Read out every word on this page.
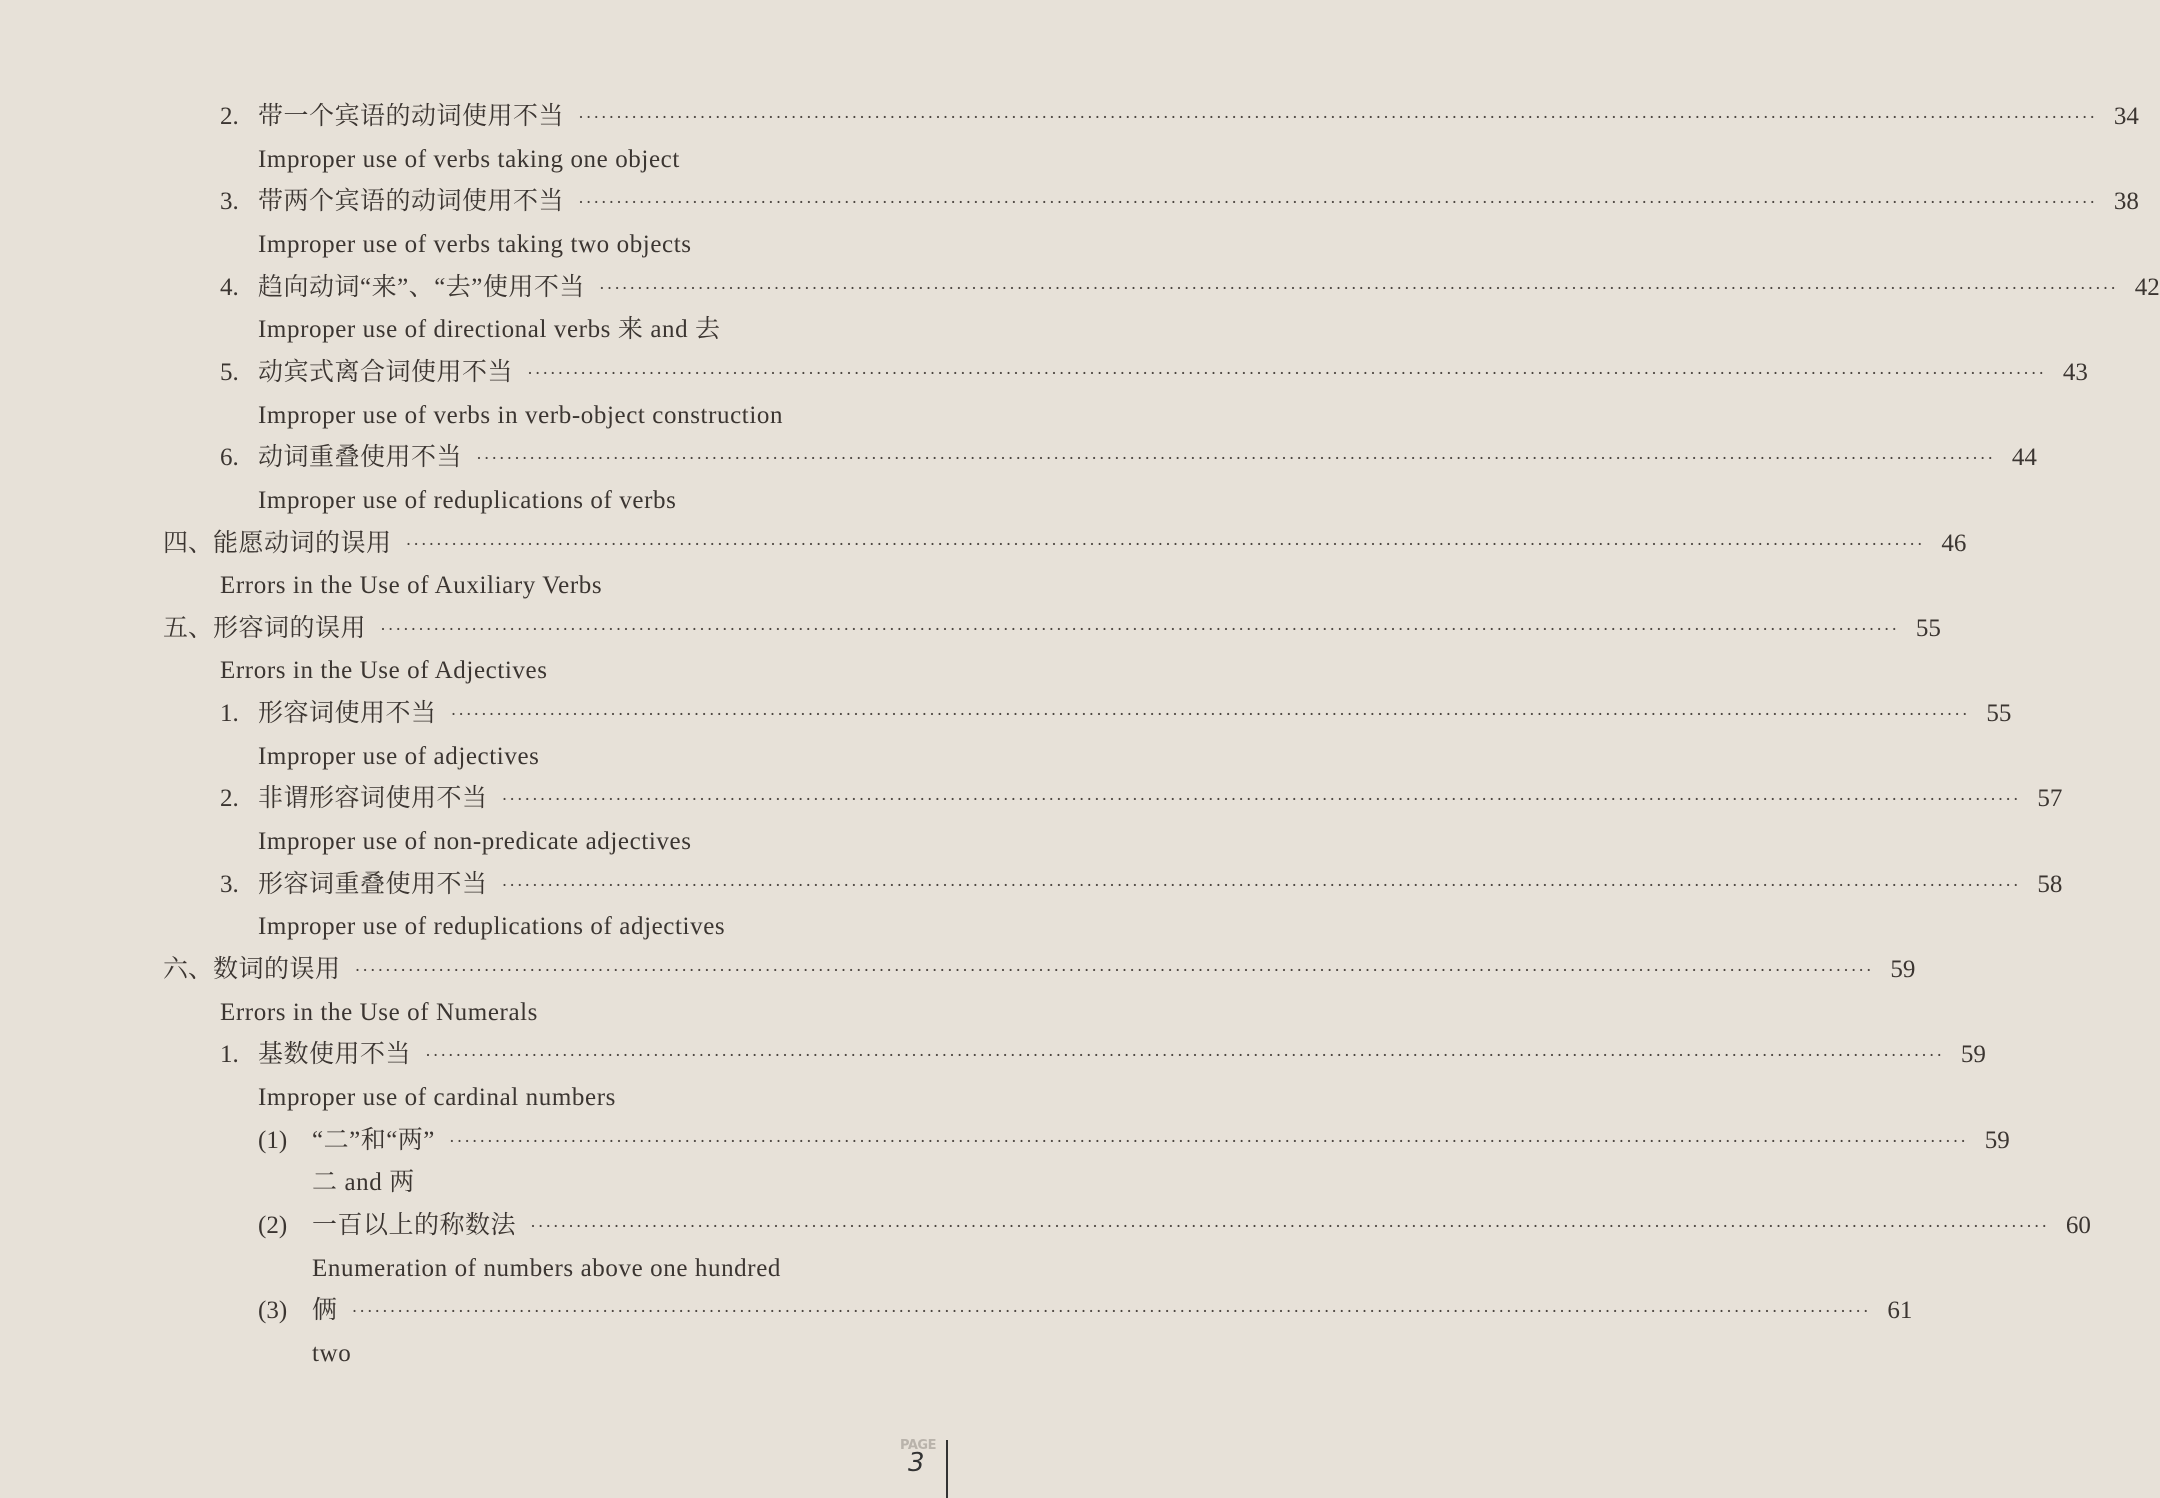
2. 带一个宾语的动词使用不当 ········································································································································································································ 34
Improper use of verbs taking one object
3. 带两个宾语的动词使用不当 ········································································································································································································ 38
Improper use of verbs taking two objects
4. 趋向动词“来”、“去”使用不当 ········································································································································································································ 42
Improper use of directional verbs 来 and 去
5. 动宾式离合词使用不当 ········································································································································································································ 43
Improper use of verbs in verb-object construction
6. 动词重叠使用不当 ········································································································································································································ 44
Improper use of reduplications of verbs
四、 能愿动词的误用 ········································································································································································································ 46
Errors in the Use of Auxiliary Verbs
五、 形容词的误用 ········································································································································································································ 55
Errors in the Use of Adjectives
1. 形容词使用不当 ········································································································································································································ 55
Improper use of adjectives
2. 非谓形容词使用不当 ········································································································································································································ 57
Improper use of non-predicate adjectives
3. 形容词重叠使用不当 ········································································································································································································ 58
Improper use of reduplications of adjectives
六、 数词的误用 ········································································································································································································ 59
Errors in the Use of Numerals
1. 基数使用不当 ········································································································································································································ 59
Improper use of cardinal numbers
(1) “二”和“两” ········································································································································································································ 59
二 and 两
(2) 一百以上的称数法 ········································································································································································································ 60
Enumeration of numbers above one hundred
(3) 俩 ········································································································································································································ 61
two
PAGE
3
